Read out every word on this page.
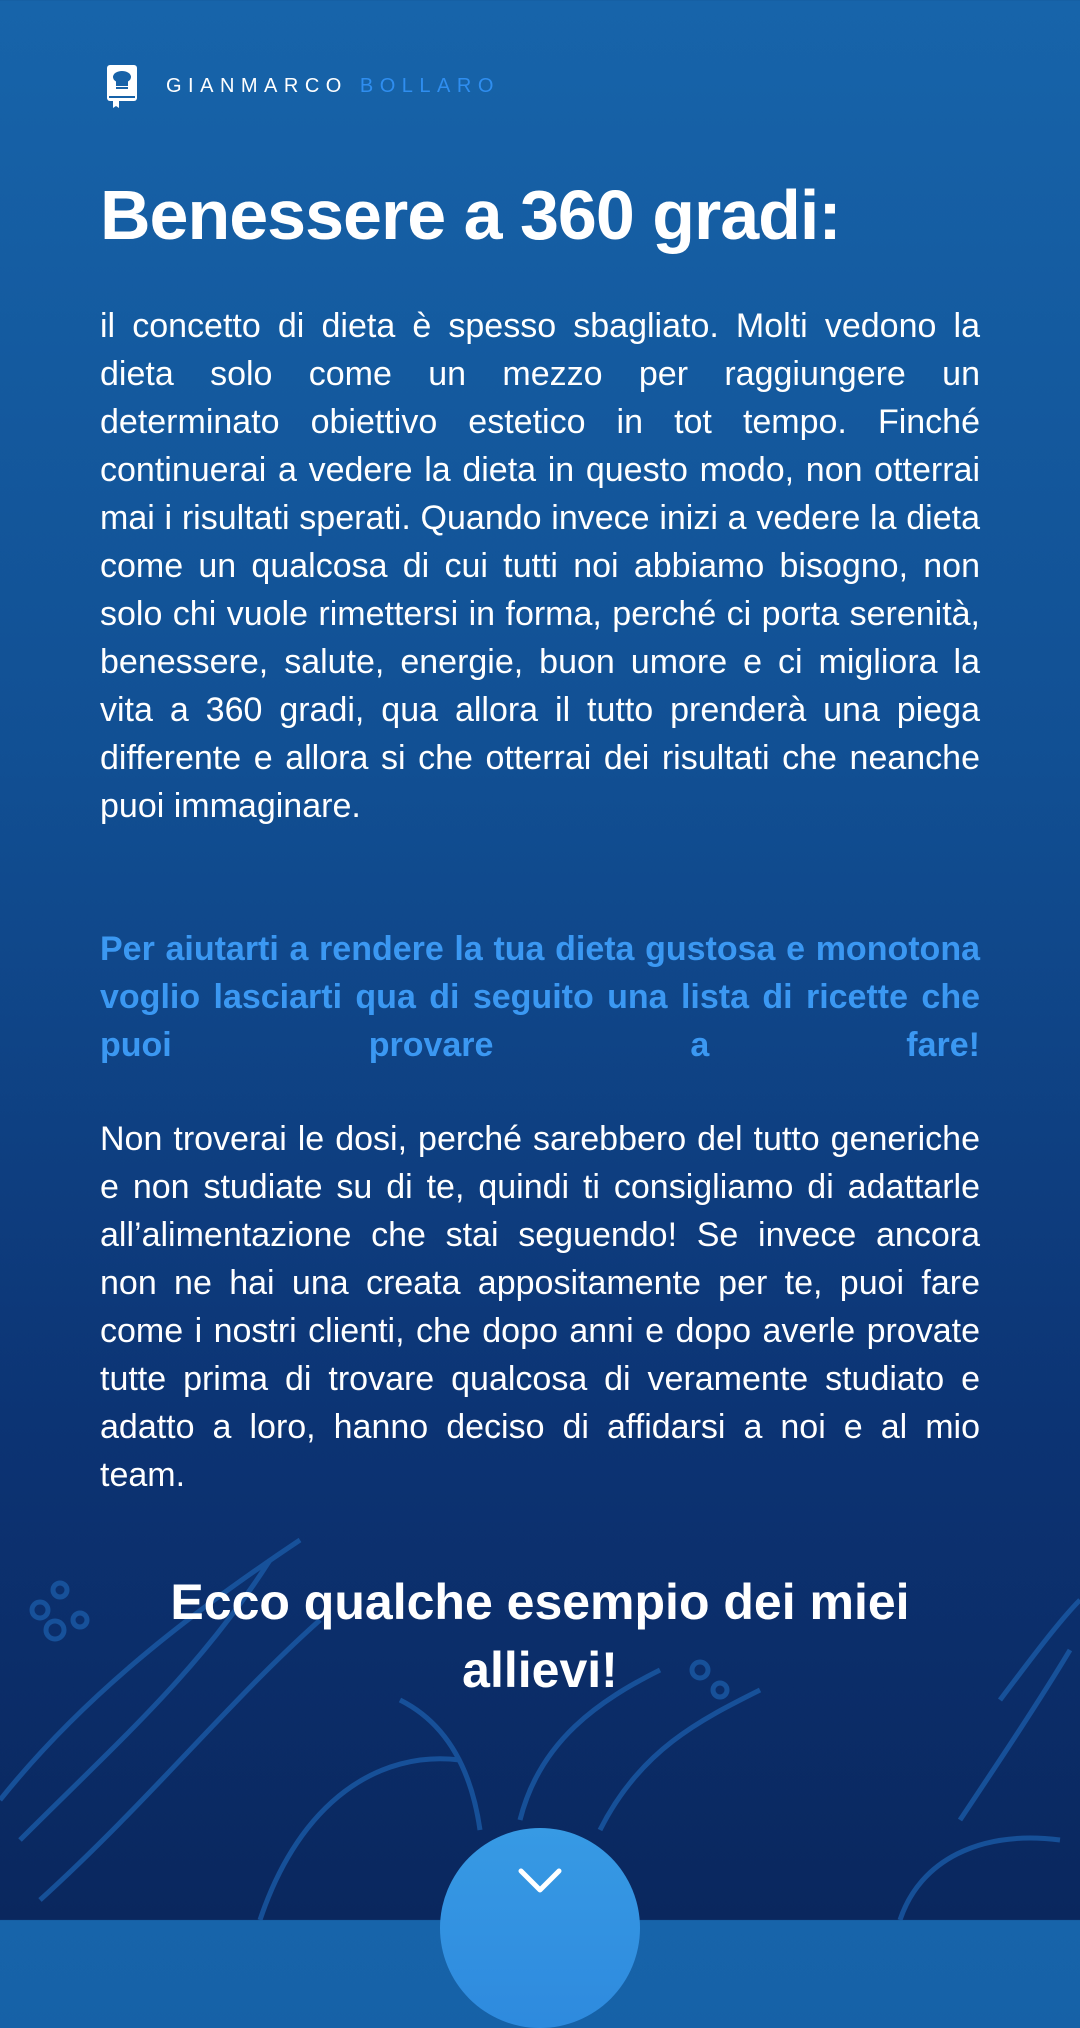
GIANMARCO BOLLARO
Benessere a 360 gradi:

il concetto di dieta è spesso sbagliato. Molti vedono la dieta solo come un mezzo per raggiungere un determinato obiettivo estetico in tot tempo. Finché continuerai a vedere la dieta in questo modo, non otterrai mai i risultati sperati. Quando invece inizi a vedere la dieta come un qualcosa di cui tutti noi abbiamo bisogno, non solo chi vuole rimettersi in forma, perché ci porta serenità, benessere, salute, energie, buon umore e ci migliora la vita a 360 gradi, qua allora il tutto prenderà una piega differente e allora si che otterrai dei risultati che neanche puoi immaginare.

Per aiutarti a rendere la tua dieta gustosa e monotona voglio lasciarti qua di seguito una lista di ricette che puoi provare a fare!

Non troverai le dosi, perché sarebbero del tutto generiche e non studiate su di te, quindi ti consigliamo di adattarle all’alimentazione che stai seguendo! Se invece ancora non ne hai una creata appositamente per te, puoi fare come i nostri clienti, che dopo anni e dopo averle provate tutte prima di trovare qualcosa di veramente studiato e adatto a loro, hanno deciso di affidarsi a noi e al mio team.

Ecco qualche esempio dei miei allievi!
